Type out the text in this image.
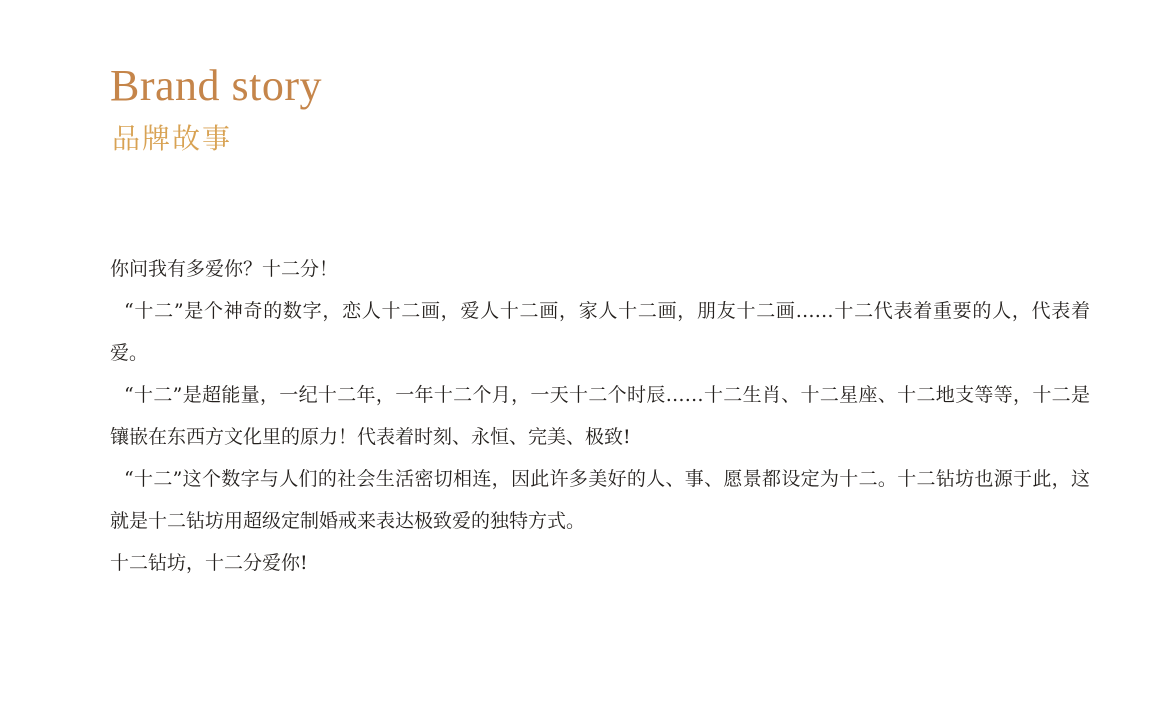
Brand story
品牌故事

你问我有多爱你？十二分！

“十二”是个神奇的数字，恋人十二画，爱人十二画，家人十二画，朋友十二画……十二代表着重要的人，代表着爱。

“十二”是超能量，一纪十二年，一年十二个月，一天十二个时辰……十二生肖、十二星座、十二地支等等，十二是镶嵌在东西方文化里的原力！代表着时刻、永恒、完美、极致!

“十二”这个数字与人们的社会生活密切相连，因此许多美好的人、事、愿景都设定为十二。十二钻坊也源于此，这就是十二钻坊用超级定制婚戒来表达极致爱的独特方式。

十二钻坊，十二分爱你!
